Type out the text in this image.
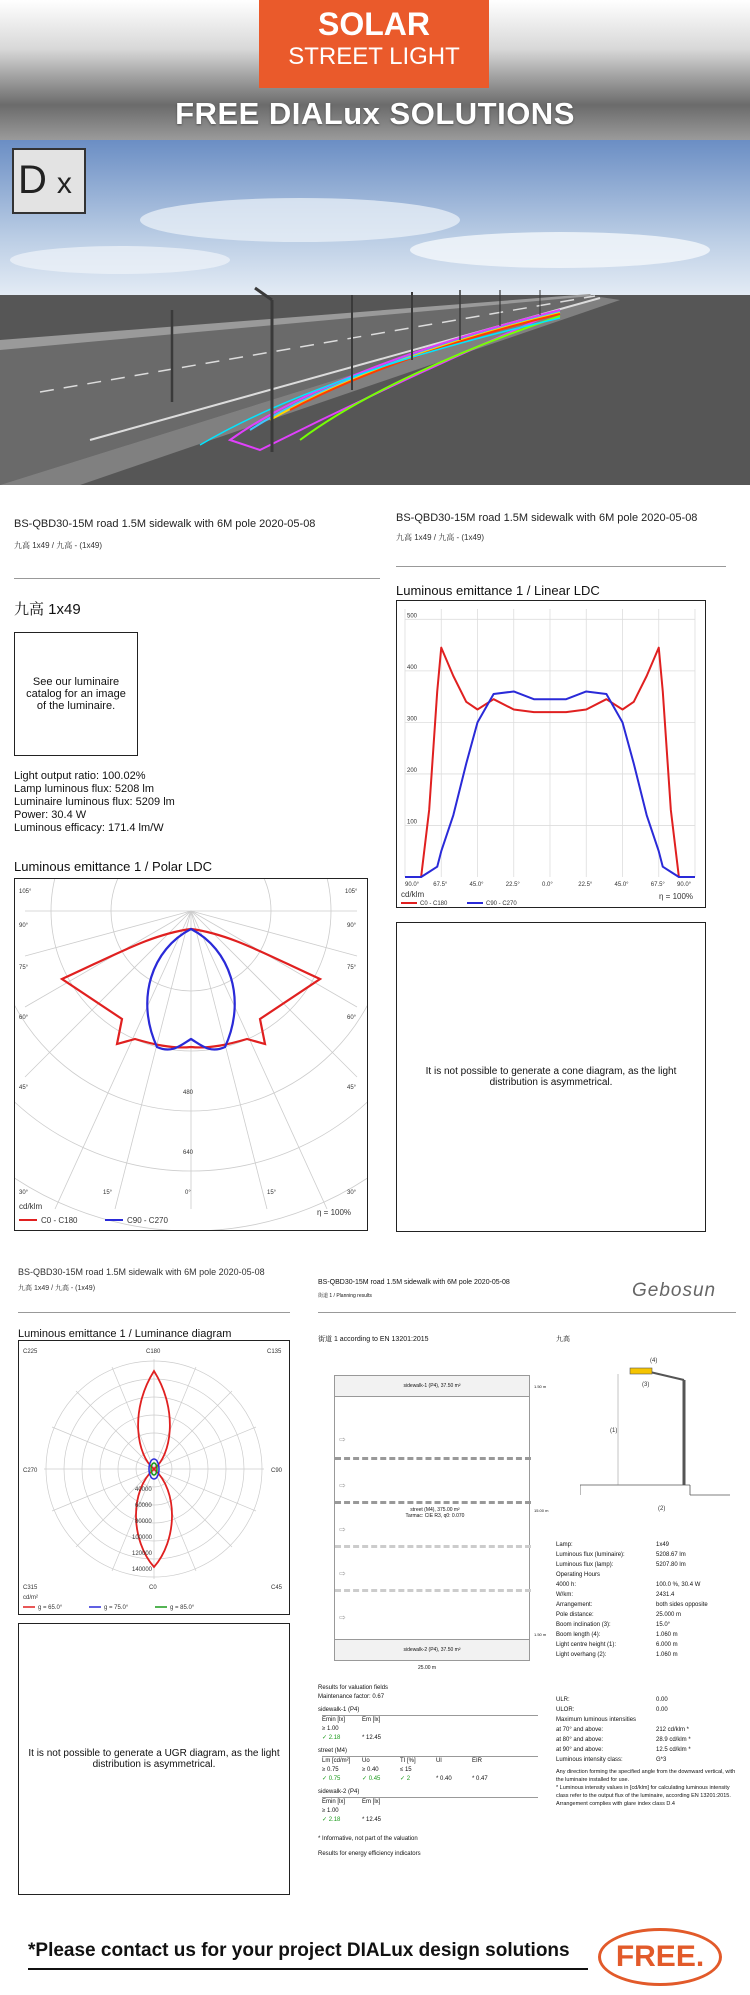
SOLAR
STREET LIGHT
FREE DIALux SOLUTIONS
D x
BS-QBD30-15M road 1.5M sidewalk with 6M pole 2020-05-08
九高 1x49 / 九高 - (1x49)
九高 1x49
See our luminaire catalog for an image of the luminaire.
Light output ratio: 100.02%
Lamp luminous flux: 5208 lm
Luminaire luminous flux: 5209 lm
Power: 30.4 W
Luminous efficacy: 171.4 lm/W
Luminous emittance 1 / Polar LDC
105°
90°
75°
60°
45°
30°
105°
90°
75°
60°
45°
30°
15°	0°	15°
480
640
cd/klm
C0 - C180	C90 - C270
η = 100%
BS-QBD30-15M road 1.5M sidewalk with 6M pole 2020-05-08
九高 1x49 / 九高 - (1x49)
Luminous emittance 1 / Linear LDC
500
400
300
200
100
90.0° 67.5°	45.0°	22.5°	0.0°	22.5°	45.0°	67.5° 90.0°
cd/klm
C0 - C180	C90 - C270
η = 100%
It is not possible to generate a cone diagram, as the light distribution is asymmetrical.
BS-QBD30-15M road 1.5M sidewalk with 6M pole 2020-05-08
九高 1x49 / 九高 - (1x49)
Luminous emittance 1 / Luminance diagram
C225	C180	C135
C270	C90
C315	C0	C45
40000
60000
80000
100000
120000
140000
cd/m²
g = 65.0°	g = 75.0°	g = 85.0°
It is not possible to generate a UGR diagram, as the light distribution is asymmetrical.
BS-QBD30-15M road 1.5M sidewalk with 6M pole 2020-05-08
街道 1 / Planning results	Gebosun
街道 1 according to EN 13201:2015	九高
sidewalk-1 (P4), 37.50 m²
street (M4), 375.00 m²
Tarmac: CIE R3, q0: 0.070
⇨
⇨
⇨
⇨
⇨
sidewalk-2 (P4), 37.50 m²
25.00 m
1.50 m
15.00 m
1.50 m
(1)
(4)
(3)
(2)
Lamp:	1x49
Luminous flux (luminaire):	5208.67 lm
Luminous flux (lamp):	5207.80 lm
Operating Hours
4000 h:	100.0 %, 30.4 W
W/km:	2431.4
Arrangement:	both sides opposite
Pole distance:	25.000 m
Boom inclination (3):	15.0°
Boom length (4):	1.060 m
Light centre height (1):	6.000 m
Light overhang (2):	1.060 m
ULR:	0.00
ULOR:	0.00
Maximum luminous intensities
at 70° and above:	212 cd/klm *
at 80° and above:	28.9 cd/klm *
at 90° and above:	12.5 cd/klm *
Luminous intensity class:	G*3
Any direction forming the specified angle from the downward vertical, with the luminaire installed for use.
* Luminous intensity values in [cd/klm] for calculating luminous intensity class refer to the output flux of the luminaire, according EN 13201:2015.
Arrangement complies with glare index class D.4
Results for valuation fields
Maintenance factor: 0.67
sidewalk-1 (P4)
Emin [lx]	Em [lx]
≥ 1.00
✓ 2.18	* 12.45
street (M4)
Lm [cd/m²]	Uo	TI [%]	Ul	EIR
≥ 0.75	≥ 0.40	≤ 15
✓ 0.75	✓ 0.45	✓ 2	* 0.40	* 0.47
sidewalk-2 (P4)
Emin [lx]	Em [lx]
≥ 1.00
✓ 2.18	* 12.45
* Informative, not part of the valuation
Results for energy efficiency indicators
*Please contact us for your project DIALux design solutions	FREE.
